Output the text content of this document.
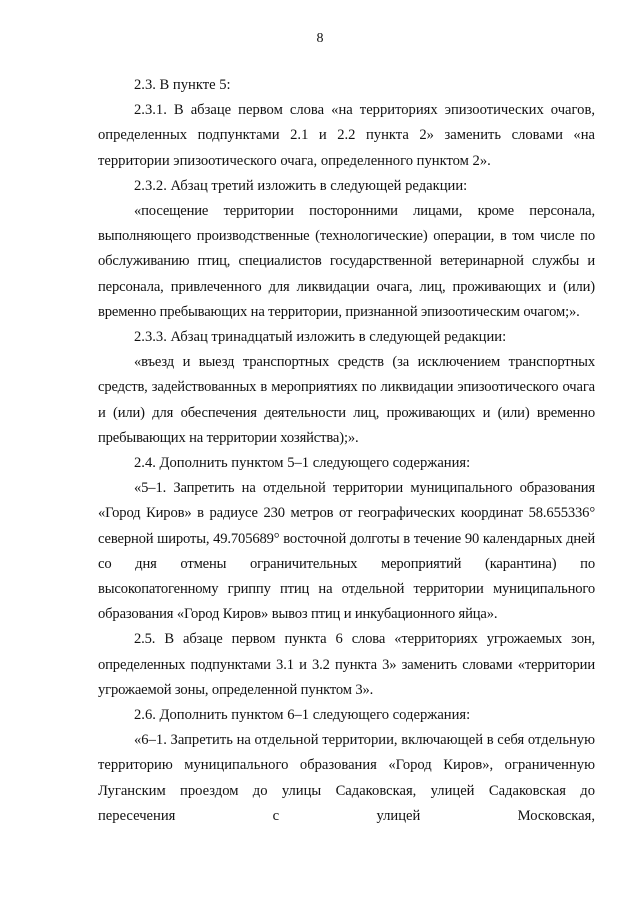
8

2.3. В пункте 5:

2.3.1. В абзаце первом слова «на территориях эпизоотических очагов, определенных подпунктами 2.1 и 2.2 пункта 2» заменить словами «на территории эпизоотического очага, определенного пунктом 2».

2.3.2. Абзац третий изложить в следующей редакции:

«посещение территории посторонними лицами, кроме персонала, выполняющего производственные (технологические) операции, в том числе по обслуживанию птиц, специалистов государственной ветеринарной службы и персонала, привлеченного для ликвидации очага, лиц, проживающих и (или) временно пребывающих на территории, признанной эпизоотическим очагом;».

2.3.3. Абзац тринадцатый изложить в следующей редакции:

«въезд и выезд транспортных средств (за исключением транспортных средств, задействованных в мероприятиях по ликвидации эпизоотического очага и (или) для обеспечения деятельности лиц, проживающих и (или) временно пребывающих на территории хозяйства);».

2.4. Дополнить пунктом 5–1 следующего содержания:

«5–1. Запретить на отдельной территории муниципального образования «Город Киров» в радиусе 230 метров от географических координат 58.655336° северной широты, 49.705689° восточной долготы в течение 90 календарных дней со дня отмены ограничительных мероприятий (карантина) по высокопатогенному гриппу птиц на отдельной территории муниципального образования «Город Киров» вывоз птиц и инкубационного яйца».

2.5. В абзаце первом пункта 6 слова «территориях угрожаемых зон, определенных подпунктами 3.1 и 3.2 пункта 3» заменить словами «территории угрожаемой зоны, определенной пунктом 3».

2.6. Дополнить пунктом 6–1 следующего содержания:

«6–1. Запретить на отдельной территории, включающей в себя отдельную территорию муниципального образования «Город Киров», ограниченную Луганским проездом до улицы Садаковская, улицей Садаковская до пересечения с улицей Московская,
